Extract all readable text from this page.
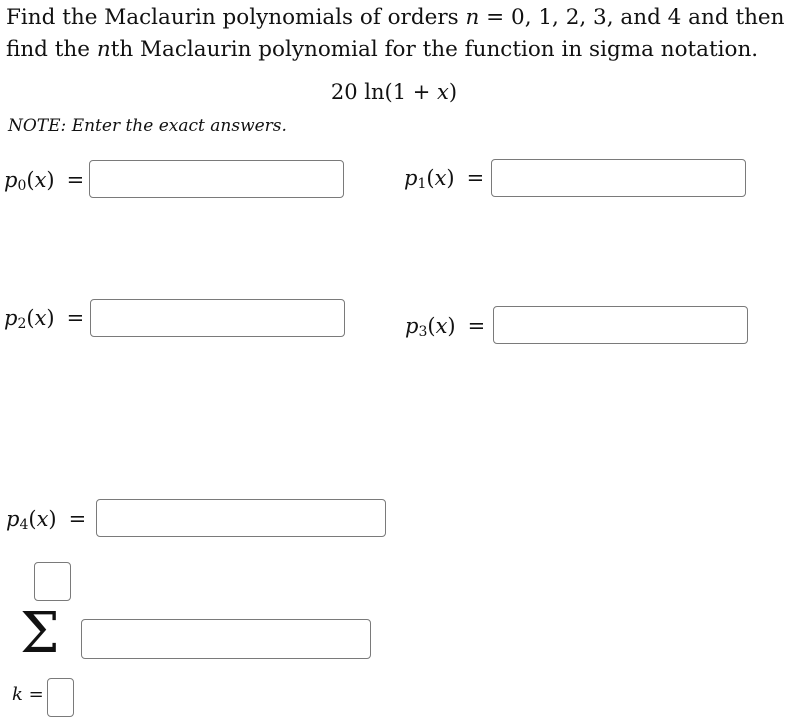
Find the Maclaurin polynomials of orders n = 0, 1, 2, 3, and 4 and then
find the nth Maclaurin polynomial for the function in sigma notation.
20 ln(1 + x)
NOTE: Enter the exact answers.
$p_0(x)$ =	$p_1(x)$ =
$p_2(x)$ =	$p_3(x)$ =
$p_4(x)$ =
Σ
k =
